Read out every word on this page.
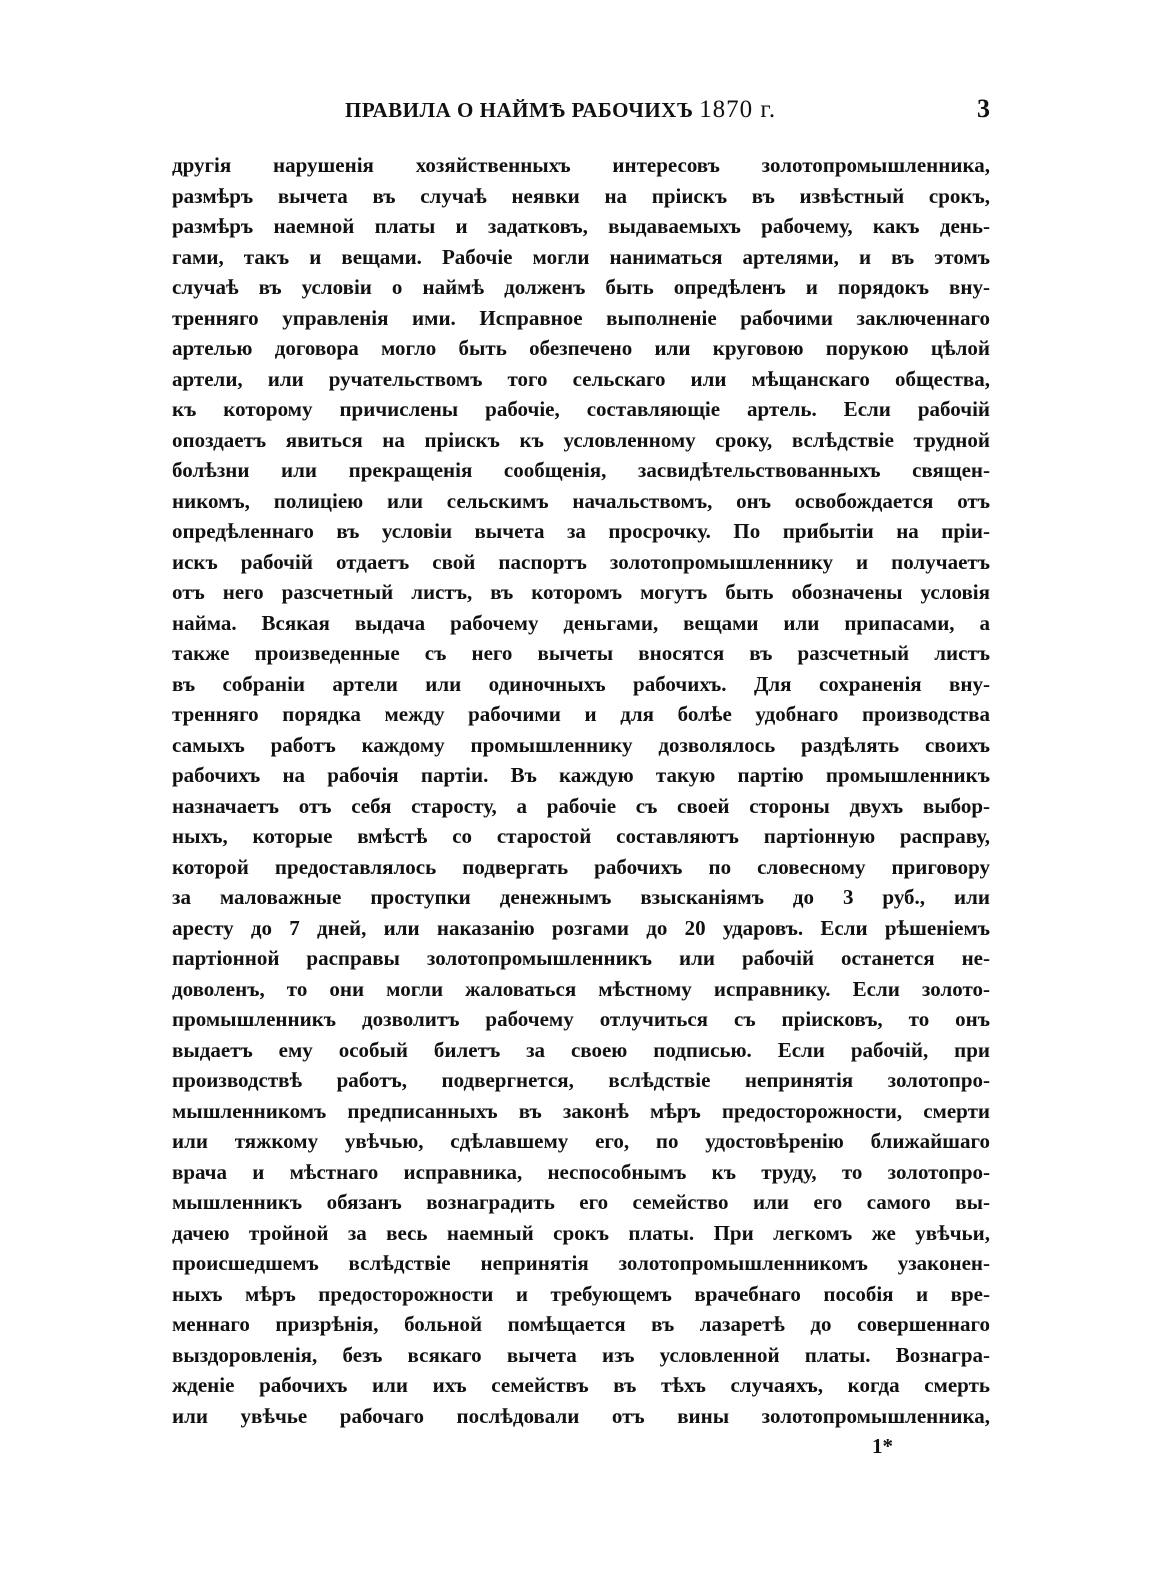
ПРАВИЛА О НАЙМѢ РАБОЧИХЪ 1870 г.	3
другія нарушенія хозяйственныхъ интересовъ золотопромышленника,
размѣръ вычета въ случаѣ неявки на пріискъ въ извѣстный срокъ,
размѣръ наемной платы и задатковъ, выдаваемыхъ рабочему, какъ день-
гами, такъ и вещами. Рабочіе могли наниматься артелями, и въ этомъ
случаѣ въ условіи о наймѣ долженъ быть опредѣленъ и порядокъ вну-
тренняго управленія ими. Исправное выполненіе рабочими заключеннаго
артелью договора могло быть обезпечено или круговою порукою цѣлой
артели, или ручательствомъ того сельскаго или мѣщанскаго общества,
къ которому причислены рабочіе, составляющіе артель. Если рабочій
опоздаетъ явиться на пріискъ къ условленному сроку, вслѣдствіе трудной
болѣзни или прекращенія сообщенія, засвидѣтельствованныхъ священ-
никомъ, полиціею или сельскимъ начальствомъ, онъ освобождается отъ
опредѣленнаго въ условіи вычета за просрочку. По прибытіи на пріи-
искъ рабочій отдаетъ свой паспортъ золотопромышленнику и получаетъ
отъ него разсчетный листъ, въ которомъ могутъ быть обозначены условія
найма. Всякая выдача рабочему деньгами, вещами или припасами, а
также произведенные съ него вычеты вносятся въ разсчетный листъ
въ собраніи артели или одиночныхъ рабочихъ. Для сохраненія вну-
тренняго порядка между рабочими и для болѣе удобнаго производства
самыхъ работъ каждому промышленнику дозволялось раздѣлять своихъ
рабочихъ на рабочія партіи. Въ каждую такую партію промышленникъ
назначаетъ отъ себя старосту, а рабочіе съ своей стороны двухъ выбор-
ныхъ, которые вмѣстѣ со старостой составляютъ партіонную расправу,
которой предоставлялось подвергать рабочихъ по словесному приговору
за маловажные проступки денежнымъ взысканіямъ до 3 руб., или
аресту до 7 дней, или наказанію розгами до 20 ударовъ. Если рѣшеніемъ
партіонной расправы золотопромышленникъ или рабочій останется не-
доволенъ, то они могли жаловаться мѣстному исправнику. Если золото-
промышленникъ дозволитъ рабочему отлучиться съ пріисковъ, то онъ
выдаетъ ему особый билетъ за своею подписью. Если рабочій, при
производствѣ работъ, подвергнется, вслѣдствіе непринятія золотопро-
мышленникомъ предписанныхъ въ законѣ мѣръ предосторожности, смерти
или тяжкому увѣчью, сдѣлавшему его, по удостовѣренію ближайшаго
врача и мѣстнаго исправника, неспособнымъ къ труду, то золотопро-
мышленникъ обязанъ вознаградить его семейство или его самого вы-
дачею тройной за весь наемный срокъ платы. При легкомъ же увѣчьи,
происшедшемъ вслѣдствіе непринятія золотопромышленникомъ узаконен-
ныхъ мѣръ предосторожности и требующемъ врачебнаго пособія и вре-
меннаго призрѣнія, больной помѣщается въ лазаретѣ до совершеннаго
выздоровленія, безъ всякаго вычета изъ условленной платы. Вознагра-
жденіе рабочихъ или ихъ семействъ въ тѣхъ случаяхъ, когда смерть
или увѣчье рабочаго послѣдовали отъ вины золотопромышленника,
1*
